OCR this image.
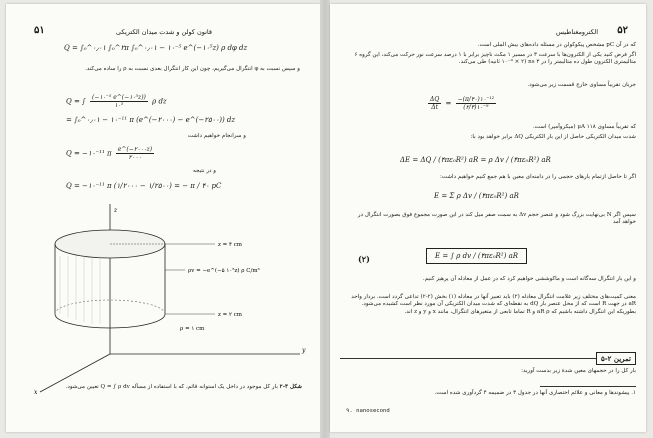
۵۱	قانون کولن و شدت میدان الکتریکی
Q = ∫₀^۰٫۰۱ ∫₀^۲π ∫₀^۰٫۰۱ − ۱۰⁻⁵ e^(−۱۰⁵z) ρ dφ dz
و سپس نسبت به φ انتگرال می‌گیریم، چون این کار انتگرال بعدی نسبت به ρ را ساده می‌کند.
Q = ∫ $\frac{\text{(−۱۰⁻⁵ e\textasciicircum{}(−۱۰⁵z))}}{\text{۱۰⁵}}$ ρ dz
= ∫₀^۰٫۰۱ − ۱۰⁻¹¹ π (e^(−۲۰۰۰) − e^(−۲۵۰۰)) dz
و سرانجام خواهیم داشت
Q = −۱۰⁻¹¹ π $\frac{e\^{}(-۲۰۰۰z)}{۲۰۰۰}$
و در نتیجه
Q = −۱۰⁻¹¹ π (۱/۲۰۰۰ − ۱/۲۵۰۰) = − π / ۴۰ pC
z = ۴ cm
ρv = −e^(−۵ ۱۰⁵z) ρ C/m³
z = ۲ cm
ρ = ۱ cm
x
y
z
شکل ۴-۲ بار کل موجود در داخل یک استوانه قائم، که با استفاده از مسأله Q = ∫ ρ dv تعیین می‌شود.
۵۲
الکترومغناطیس
که در آن pC مشخص پیکوکولن در مسئله داده‌های بیش الملی است.
اگر فرض کنید یکی از الکترون‌ها با سرعت ۳ در مسیر ۱ مکث ناچیز برابر با ۱ درصد سرعت نور حرکت می‌کند، این گروه ۶ متالیمتری الکترون طول ده متالیمتر را در ۳ ns (۱۰⁻⁹ × ۲ ثانیه) طی می‌کند.
جریان تقریباً مساوی خارج قسمت زیر می‌شود.
$\frac{\Delta Q}{\Delta t} = \frac{\text{−(π/۴۰)۱۰⁻¹²}}{\text{(۲/۳)۱۰⁻⁹}}$
که تقریباً مساوی ۱۱۸ μA (میکروآمپر) است.
شدت میدان الکتریکی حاصل از این بار الکتریکی ΔQ برابر خواهد بود با:
ΔE = ΔQ / (۴πε₀R²) aR = ρ Δv / (۴πε₀R²) aR
اگر تا حاصل ازتمام بارهای حجمی را در دامنه‌ای معین با هم جمع کنیم خواهیم داشت:
E = Σ ρ Δv / (۴πε₀R²) aR
سپس اگر N بی‌نهایت بزرگ شود و عنصر حجم Δv به سمت صفر میل کند در این صورت مجموع فوق بصورت انتگرال در خواهد آمد
E = ∫ ρ dv / (۴πε₀R²) aR
(۲)
و این بار انتگرال سه‌گانه است و ماکوششی خواهیم کرد که در عمل از معادله آن پرهیز کنیم.
معنی کمیت‌های مختلف زیر علامت انتگرال معادله (۲) باید تعبیر آنها در معادله (۱) بخش (۲-۲) تداعی گردد است. بردار واحد aR در جهت R است که از محل عنصر بار dQ به نقطه‌ای که شدت میدان الکتریکی آن مورد نظر است کشیده می‌شود. بطوریکه این انتگرال داشته باشیم که aR ρ و R تماما تابعی از متغیرهای انتگرال، مانند x و y و z اند.
تمرین ۲-۵
بار کل را در حجمهای معین شدۀ زیر بدست آورید:
۱. پیشوندها و معانی و علائم اختصاری آنها در جدول ۳ در ضمیمه ۴ گردآوری شده است.
۹. nanosecond
